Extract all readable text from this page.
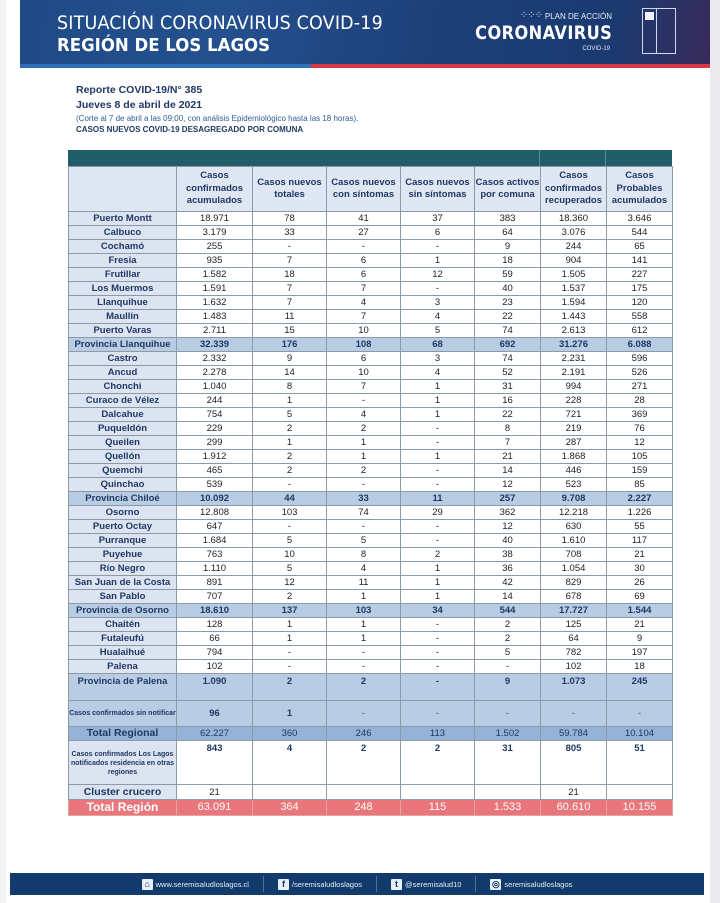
SITUACIÓN CORONAVIRUS COVID-19
REGIÓN DE LOS LAGOS
⁘⁘⁘ PLAN DE ACCIÓN
CORONAVIRUS
COVID-19
Reporte COVID-19/N° 385
Jueves 8 de abril de 2021
(Corte al 7 de abril a las 09:00, con análisis Epidemiológico hasta las 18 horas).
CASOS NUEVOS COVID-19 DESAGREGADO POR COMUNA
	Casos confirmados acumulados	Casos nuevos totales	Casos nuevos con síntomas	Casos nuevos sin síntomas	Casos activos por comuna	Casos confirmados recuperados	Casos Probables acumulados
Puerto Montt	18.971	78	41	37	383	18.360	3.646
Calbuco	3.179	33	27	6	64	3.076	544
Cochamó	255	-	-	-	9	244	65
Fresia	935	7	6	1	18	904	141
Frutillar	1.582	18	6	12	59	1.505	227
Los Muermos	1.591	7	7	-	40	1.537	175
Llanquihue	1.632	7	4	3	23	1.594	120
Maullín	1.483	11	7	4	22	1.443	558
Puerto Varas	2.711	15	10	5	74	2.613	612
Provincia Llanquihue	32.339	176	108	68	692	31.276	6.088
Castro	2.332	9	6	3	74	2.231	596
Ancud	2.278	14	10	4	52	2.191	526
Chonchi	1.040	8	7	1	31	994	271
Curaco de Vélez	244	1	-	1	16	228	28
Dalcahue	754	5	4	1	22	721	369
Puqueldón	229	2	2	-	8	219	76
Queilen	299	1	1	-	7	287	12
Quellón	1.912	2	1	1	21	1.868	105
Quemchi	465	2	2	-	14	446	159
Quinchao	539	-	-	-	12	523	85
Provincia Chiloé	10.092	44	33	11	257	9.708	2.227
Osorno	12.808	103	74	29	362	12.218	1.226
Puerto Octay	647	-	-	-	12	630	55
Purranque	1.684	5	5	-	40	1.610	117
Puyehue	763	10	8	2	38	708	21
Río Negro	1.110	5	4	1	36	1.054	30
San Juan de la Costa	891	12	11	1	42	829	26
San Pablo	707	2	1	1	14	678	69
Provincia de Osorno	18.610	137	103	34	544	17.727	1.544
Chaitén	128	1	1	-	2	125	21
Futaleufú	66	1	1	-	2	64	9
Hualaihué	794	-	-	-	5	782	197
Palena	102	-	-	-	-	102	18
Provincia de Palena	1.090	2	2	-	9	1.073	245
Casos confirmados sin notificar	96	1	-	-	-	-	-
Total Regional	62.227	360	246	113	1.502	59.784	10.104
Casos confirmados Los Lagos notificados residencia en otras regiones	843	4	2	2	31	805	51
Cluster crucero	21					21	
Total Región	63.091	364	248	115	1.533	60.610	10.155
⌂ www.seremisaludloslagos.cl	f /seremisaludloslagos	t @seremisalud10	◎ seremisaludloslagos
